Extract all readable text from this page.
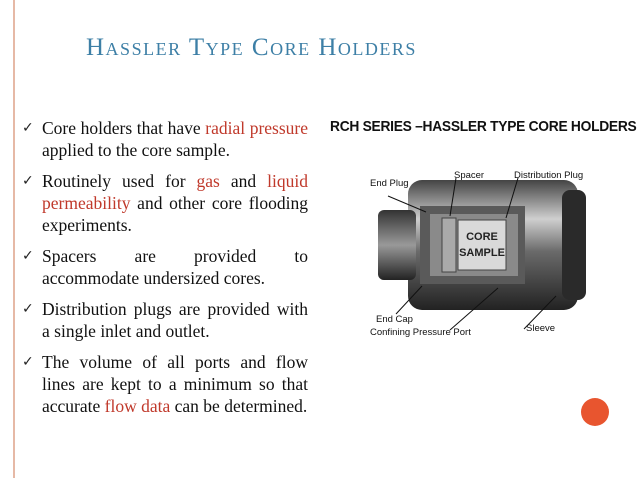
Hassler Type Core Holders
✓ Core holders that have radial pressure applied to the core sample.
✓ Routinely used for gas and liquid permeability and other core flooding experiments.
✓ Spacers are provided to accommodate undersized cores.
✓ Distribution plugs are provided with a single inlet and outlet.
✓ The volume of all ports and flow lines are kept to a minimum so that accurate flow data can be determined.
RCH SERIES –HASSLER TYPE CORE HOLDERS
CORE
SAMPLE
End Plug
Spacer	Distribution Plug
End Cap
Confining Pressure Port	Sleeve
